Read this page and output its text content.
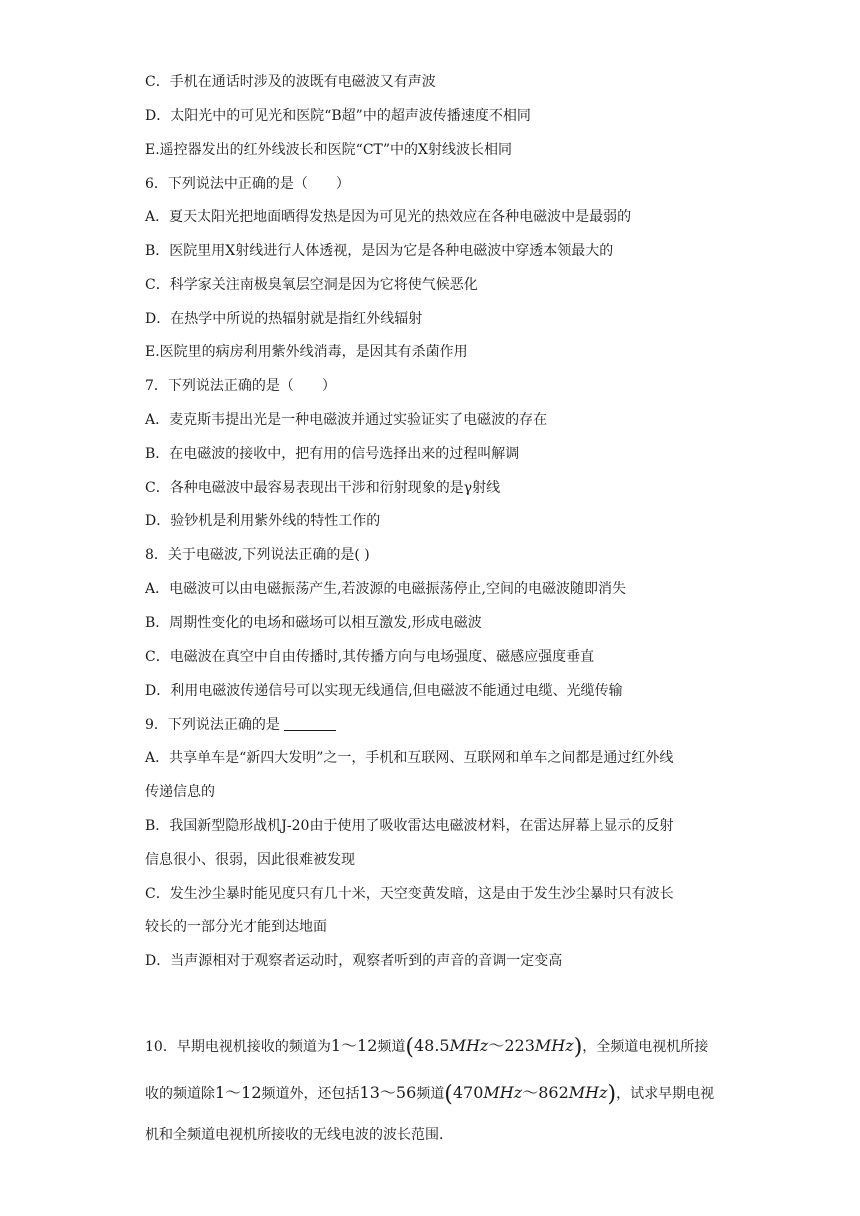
C．手机在通话时涉及的波既有电磁波又有声波
D．太阳光中的可见光和医院“B超”中的超声波传播速度不相同
E.遥控器发出的红外线波长和医院“CT”中的X射线波长相同
6．下列说法中正确的是（　　）
A．夏天太阳光把地面晒得发热是因为可见光的热效应在各种电磁波中是最弱的
B．医院里用X射线进行人体透视，是因为它是各种电磁波中穿透本领最大的
C．科学家关注南极臭氧层空洞是因为它将使气候恶化
D．在热学中所说的热辐射就是指红外线辐射
E.医院里的病房利用紫外线消毒，是因其有杀菌作用
7．下列说法正确的是（　　）
A．麦克斯韦提出光是一种电磁波并通过实验证实了电磁波的存在
B．在电磁波的接收中，把有用的信号选择出来的过程叫解调
C．各种电磁波中最容易表现出干涉和衍射现象的是γ射线
D．验钞机是利用紫外线的特性工作的
8．关于电磁波,下列说法正确的是( )
A．电磁波可以由电磁振荡产生,若波源的电磁振荡停止,空间的电磁波随即消失
B．周期性变化的电场和磁场可以相互激发,形成电磁波
C．电磁波在真空中自由传播时,其传播方向与电场强度、磁感应强度垂直
D．利用电磁波传递信号可以实现无线通信,但电磁波不能通过电缆、光缆传输
9．下列说法正确的是
A．共享单车是“新四大发明”之一，手机和互联网、互联网和单车之间都是通过红外线
传递信息的
B．我国新型隐形战机J-20由于使用了吸收雷达电磁波材料，在雷达屏幕上显示的反射
信息很小、很弱，因此很难被发现
C．发生沙尘暴时能见度只有几十米，天空变黄发暗，这是由于发生沙尘暴时只有波长
较长的一部分光才能到达地面
D．当声源相对于观察者运动时，观察者听到的声音的音调一定变高
10．早期电视机接收的频道为1～12频道(48.5MHz～223MHz)，全频道电视机所接
收的频道除1～12频道外，还包括13～56频道(470MHz～862MHz)，试求早期电视
机和全频道电视机所接收的无线电波的波长范围．
